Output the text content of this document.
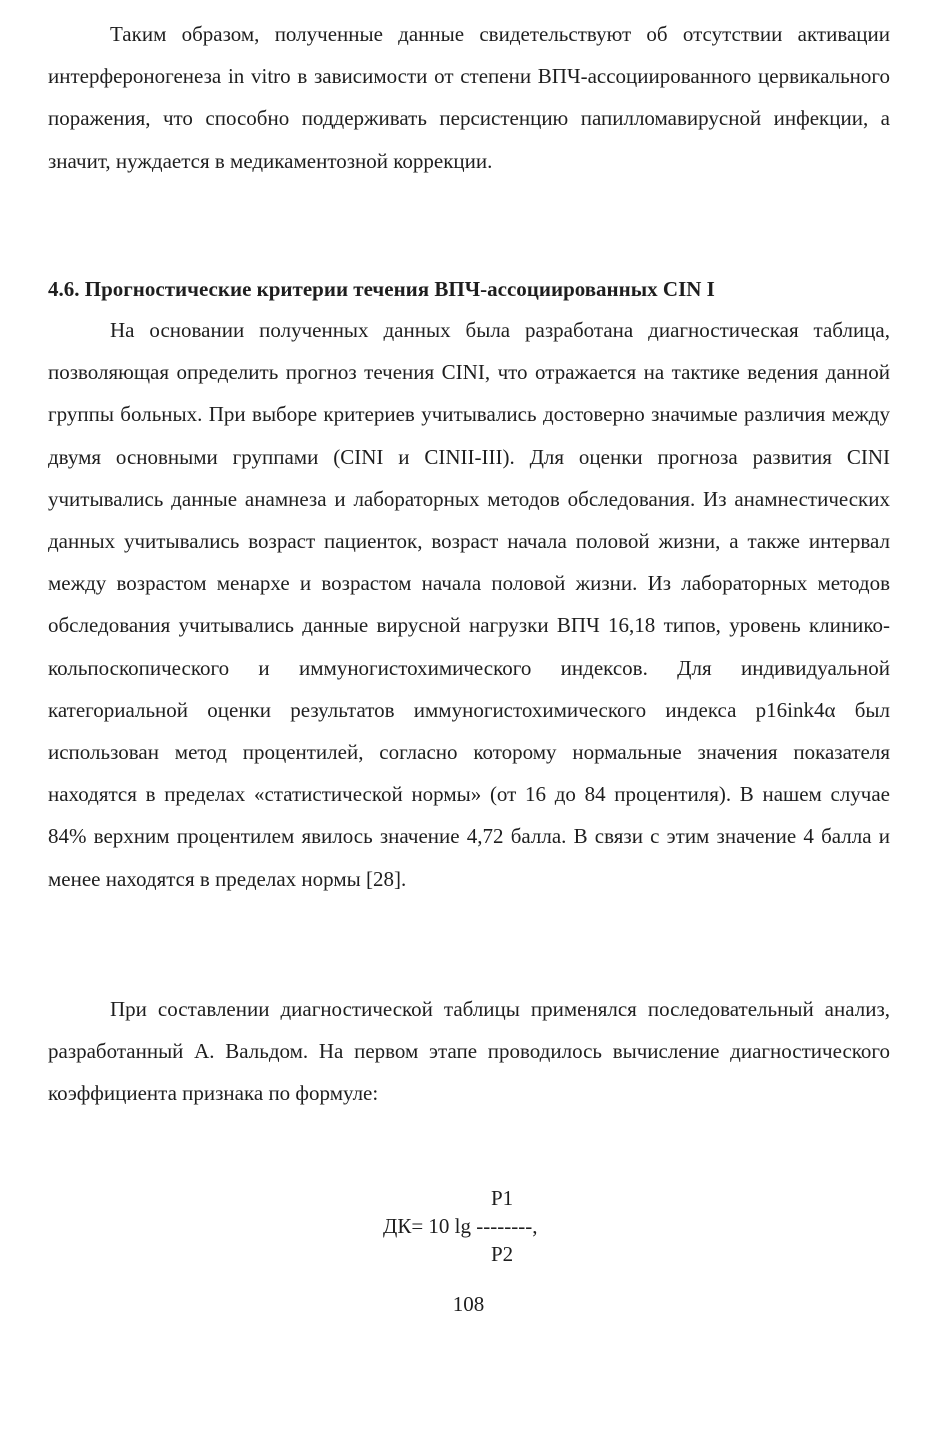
Таким образом, полученные данные свидетельствуют об отсутствии активации интерфероногенеза in vitro в зависимости от степени ВПЧ-ассоциированного цервикального поражения, что способно поддерживать персистенцию папилломавирусной инфекции, а значит, нуждается в медикаментозной коррекции.

4.6. Прогностические критерии течения ВПЧ-ассоциированных CIN I

На основании полученных данных была разработана диагностическая таблица, позволяющая определить прогноз течения CINI, что отражается на тактике ведения данной группы больных. При выборе критериев учитывались достоверно значимые различия между двумя основными группами (CINI и CINII-III). Для оценки прогноза развития CINI учитывались данные анамнеза и лабораторных методов обследования. Из анамнестических данных учитывались возраст пациенток, возраст начала половой жизни, а также интервал между возрастом менархе и возрастом начала половой жизни. Из лабораторных методов обследования учитывались данные вирусной нагрузки ВПЧ 16,18 типов, уровень клинико-кольпоскопического и иммуногистохимического индексов. Для индивидуальной категориальной оценки результатов иммуногистохимического индекса p16ink4α был использован метод процентилей, согласно которому нормальные значения показателя находятся в пределах «статистической нормы» (от 16 до 84 процентиля). В нашем случае 84% верхним процентилем явилось значение 4,72 балла. В связи с этим значение 4 балла и менее находятся в пределах нормы [28].

При составлении диагностической таблицы применялся последовательный анализ, разработанный А. Вальдом. На первом этапе проводилось вычисление диагностического коэффициента признака по формуле:

P1
ДК= 10 lg --------,
P2
108
